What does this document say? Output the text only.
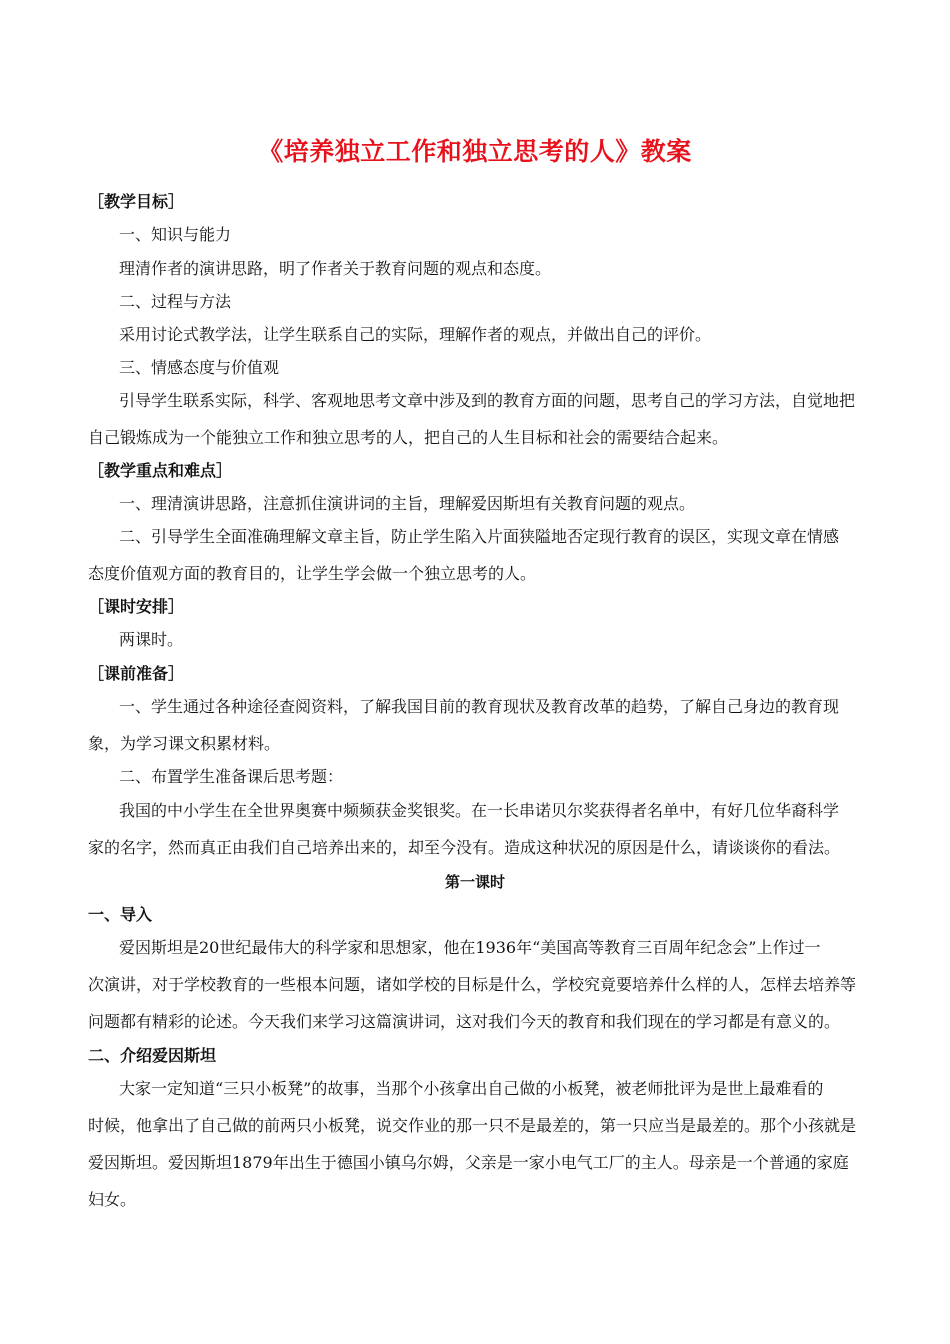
《培养独立工作和独立思考的人》教案
［教学目标］
一、知识与能力
理清作者的演讲思路，明了作者关于教育问题的观点和态度。
二、过程与方法
采用讨论式教学法，让学生联系自己的实际，理解作者的观点，并做出自己的评价。
三、情感态度与价值观
引导学生联系实际，科学、客观地思考文章中涉及到的教育方面的问题，思考自己的学习方法，自觉地把
自己锻炼成为一个能独立工作和独立思考的人，把自己的人生目标和社会的需要结合起来。
［教学重点和难点］
一、理清演讲思路，注意抓住演讲词的主旨，理解爱因斯坦有关教育问题的观点。
二、引导学生全面准确理解文章主旨，防止学生陷入片面狭隘地否定现行教育的误区，实现文章在情感
态度价值观方面的教育目的，让学生学会做一个独立思考的人。
［课时安排］
两课时。
［课前准备］
一、学生通过各种途径查阅资料，了解我国目前的教育现状及教育改革的趋势，了解自己身边的教育现
象，为学习课文积累材料。
二、布置学生准备课后思考题：
我国的中小学生在全世界奥赛中频频获金奖银奖。在一长串诺贝尔奖获得者名单中，有好几位华裔科学
家的名字，然而真正由我们自己培养出来的，却至今没有。造成这种状况的原因是什么，请谈谈你的看法。
第一课时
一、导入
爱因斯坦是20世纪最伟大的科学家和思想家，他在1936年“美国高等教育三百周年纪念会”上作过一
次演讲，对于学校教育的一些根本问题，诸如学校的目标是什么，学校究竟要培养什么样的人，怎样去培养等
问题都有精彩的论述。今天我们来学习这篇演讲词，这对我们今天的教育和我们现在的学习都是有意义的。
二、介绍爱因斯坦
大家一定知道“三只小板凳”的故事，当那个小孩拿出自己做的小板凳，被老师批评为是世上最难看的
时候，他拿出了自己做的前两只小板凳，说交作业的那一只不是最差的，第一只应当是最差的。那个小孩就是
爱因斯坦。爱因斯坦1879年出生于德国小镇乌尔姆，父亲是一家小电气工厂的主人。母亲是一个普通的家庭
妇女。
